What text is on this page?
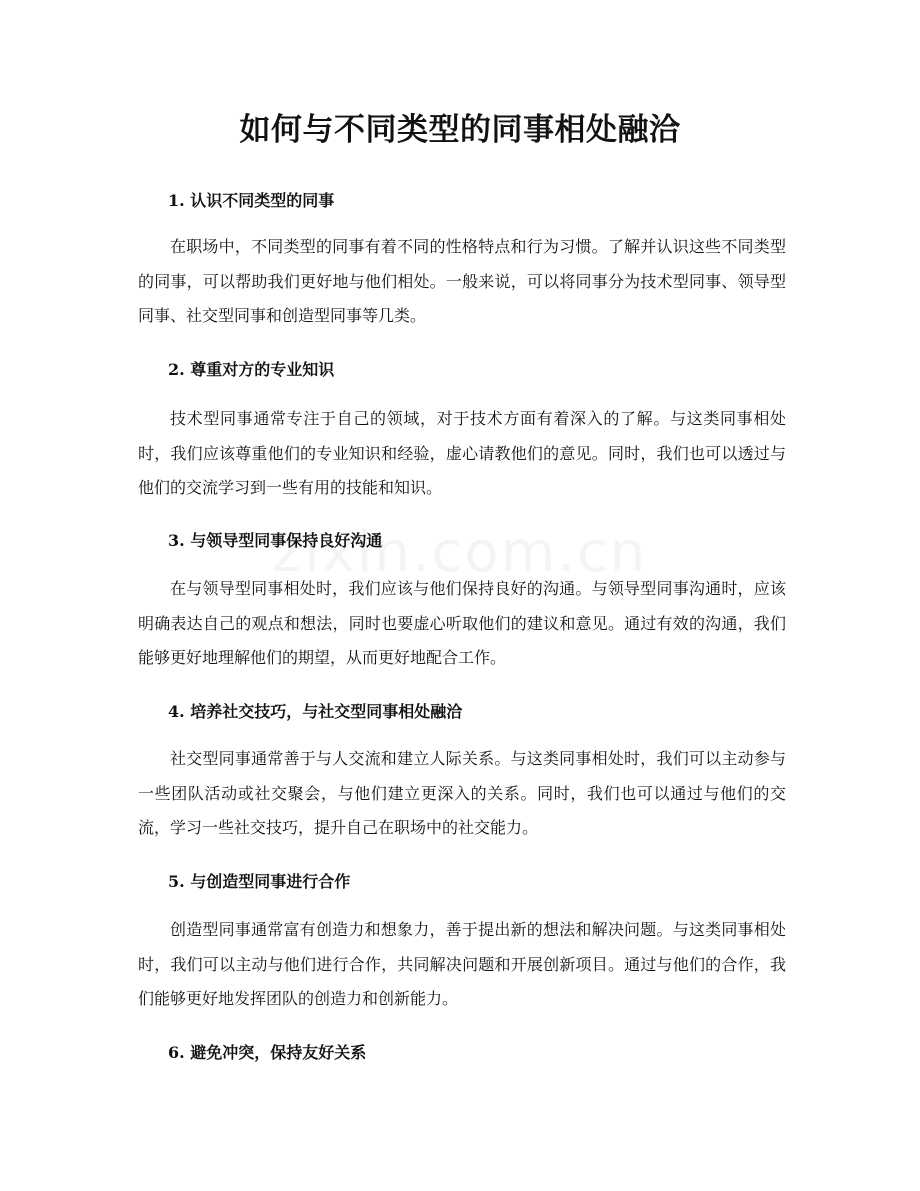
如何与不同类型的同事相处融洽
1. 认识不同类型的同事

在职场中，不同类型的同事有着不同的性格特点和行为习惯。了解并认识这些不同类型的同事，可以帮助我们更好地与他们相处。一般来说，可以将同事分为技术型同事、领导型同事、社交型同事和创造型同事等几类。

2. 尊重对方的专业知识

技术型同事通常专注于自己的领域，对于技术方面有着深入的了解。与这类同事相处时，我们应该尊重他们的专业知识和经验，虚心请教他们的意见。同时，我们也可以透过与他们的交流学习到一些有用的技能和知识。

3. 与领导型同事保持良好沟通

在与领导型同事相处时，我们应该与他们保持良好的沟通。与领导型同事沟通时，应该明确表达自己的观点和想法，同时也要虚心听取他们的建议和意见。通过有效的沟通，我们能够更好地理解他们的期望，从而更好地配合工作。

4. 培养社交技巧，与社交型同事相处融洽

社交型同事通常善于与人交流和建立人际关系。与这类同事相处时，我们可以主动参与一些团队活动或社交聚会，与他们建立更深入的关系。同时，我们也可以通过与他们的交流，学习一些社交技巧，提升自己在职场中的社交能力。

5. 与创造型同事进行合作

创造型同事通常富有创造力和想象力，善于提出新的想法和解决问题。与这类同事相处时，我们可以主动与他们进行合作，共同解决问题和开展创新项目。通过与他们的合作，我们能够更好地发挥团队的创造力和创新能力。

6. 避免冲突，保持友好关系
